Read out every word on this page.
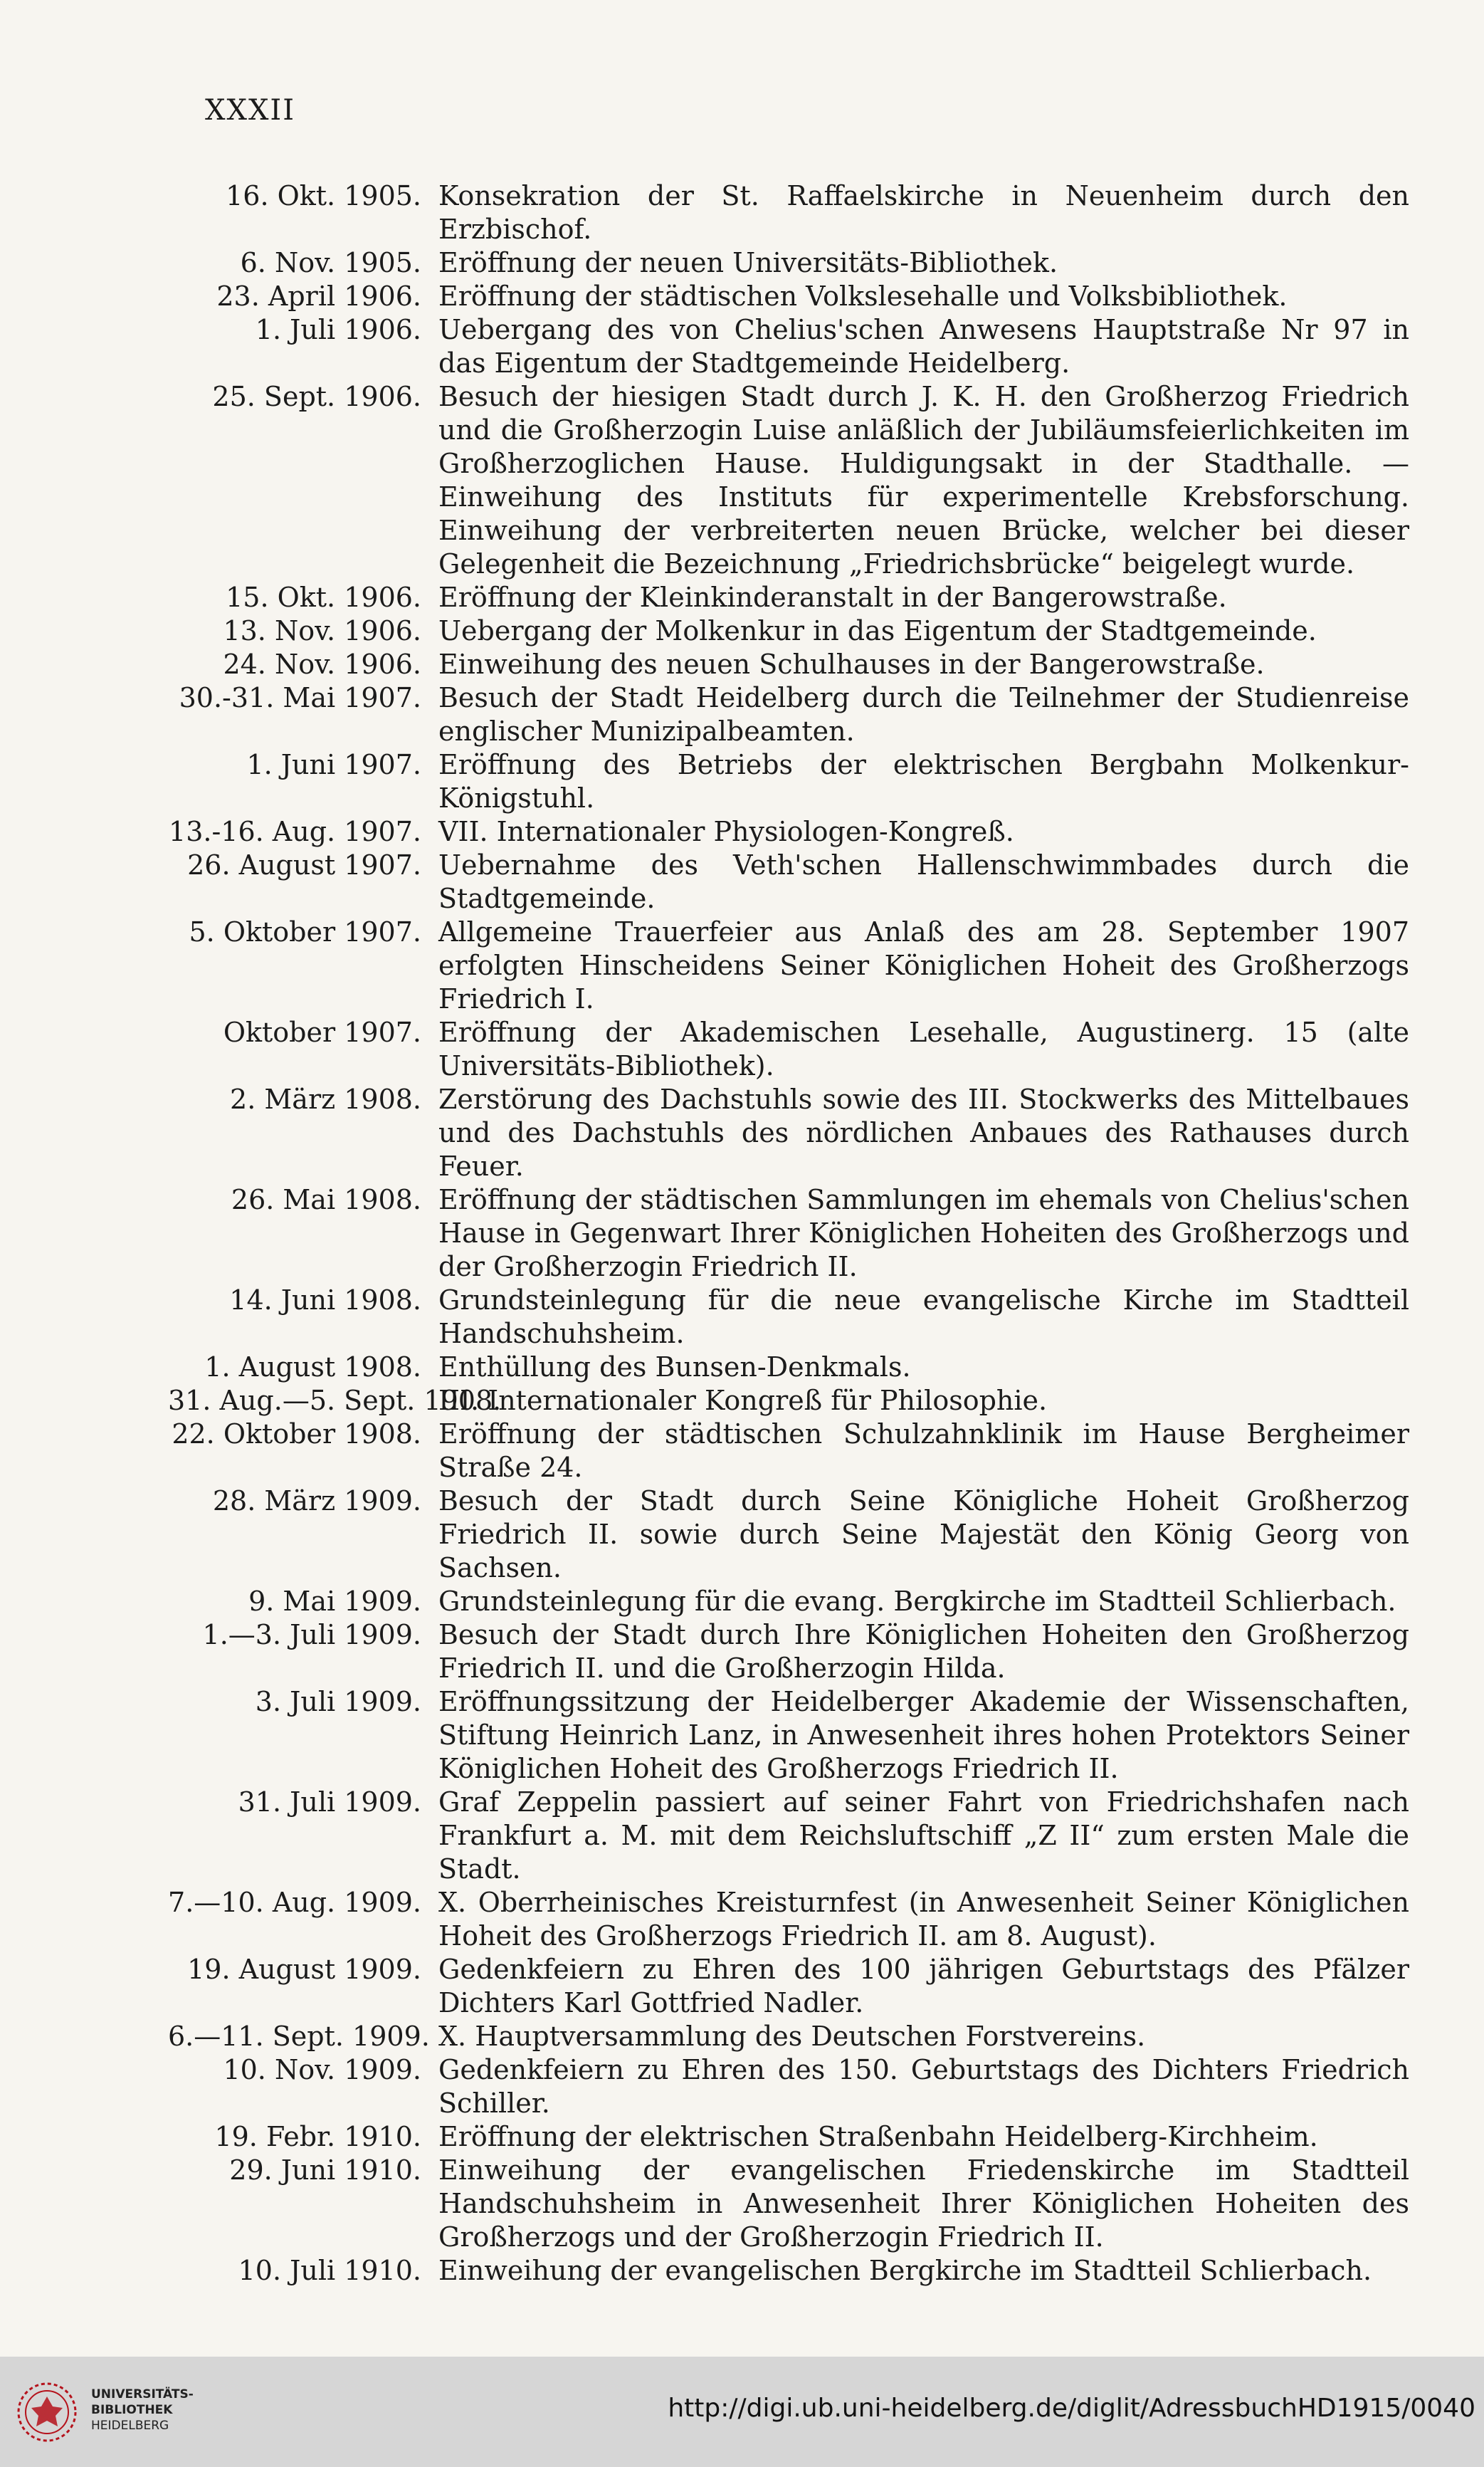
XXXII
16. Okt. 1905. Konsekration der St. Raffaelskirche in Neuenheim durch den Erzbischof.
6. Nov. 1905. Eröffnung der neuen Universitäts-Bibliothek.
23. April 1906. Eröffnung der städtischen Volkslesehalle und Volksbibliothek.
1. Juli 1906. Uebergang des von Chelius'schen Anwesens Hauptstraße Nr 97 in das Eigentum der Stadtgemeinde Heidelberg.
25. Sept. 1906. Besuch der hiesigen Stadt durch J. K. H. den Großherzog Friedrich und die Großherzogin Luise anläßlich der Jubiläumsfeierlichkeiten im Großherzoglichen Hause. Huldigungsakt in der Stadthalle. — Einweihung des Instituts für experimentelle Krebsforschung. Einweihung der verbreiterten neuen Brücke, welcher bei dieser Gelegenheit die Bezeichnung „Friedrichsbrücke“ beigelegt wurde.
15. Okt. 1906. Eröffnung der Kleinkinderanstalt in der Bangerowstraße.
13. Nov. 1906. Uebergang der Molkenkur in das Eigentum der Stadtgemeinde.
24. Nov. 1906. Einweihung des neuen Schulhauses in der Bangerowstraße.
30.-31. Mai 1907. Besuch der Stadt Heidelberg durch die Teilnehmer der Studienreise englischer Munizipalbeamten.
1. Juni 1907. Eröffnung des Betriebs der elektrischen Bergbahn Molkenkur-Königstuhl.
13.-16. Aug. 1907. VII. Internationaler Physiologen-Kongreß.
26. August 1907. Uebernahme des Veth'schen Hallenschwimmbades durch die Stadtgemeinde.
5. Oktober 1907. Allgemeine Trauerfeier aus Anlaß des am 28. September 1907 erfolgten Hinscheidens Seiner Königlichen Hoheit des Großherzogs Friedrich I.
Oktober 1907. Eröffnung der Akademischen Lesehalle, Augustinerg. 15 (alte Universitäts-Bibliothek).
2. März 1908. Zerstörung des Dachstuhls sowie des III. Stockwerks des Mittelbaues und des Dachstuhls des nördlichen Anbaues des Rathauses durch Feuer.
26. Mai 1908. Eröffnung der städtischen Sammlungen im ehemals von Chelius'schen Hause in Gegenwart Ihrer Königlichen Hoheiten des Großherzogs und der Großherzogin Friedrich II.
14. Juni 1908. Grundsteinlegung für die neue evangelische Kirche im Stadtteil Handschuhsheim.
1. August 1908. Enthüllung des Bunsen-Denkmals.
31. Aug.—5. Sept. 1908.
III. Internationaler Kongreß für Philosophie.
22. Oktober 1908. Eröffnung der städtischen Schulzahnklinik im Hause Bergheimer Straße 24.
28. März 1909. Besuch der Stadt durch Seine Königliche Hoheit Großherzog Friedrich II. sowie durch Seine Majestät den König Georg von Sachsen.
9. Mai 1909. Grundsteinlegung für die evang. Bergkirche im Stadtteil Schlierbach.
1.—3. Juli 1909. Besuch der Stadt durch Ihre Königlichen Hoheiten den Großherzog Friedrich II. und die Großherzogin Hilda.
3. Juli 1909. Eröffnungssitzung der Heidelberger Akademie der Wissenschaften, Stiftung Heinrich Lanz, in Anwesenheit ihres hohen Protektors Seiner Königlichen Hoheit des Großherzogs Friedrich II.
31. Juli 1909. Graf Zeppelin passiert auf seiner Fahrt von Friedrichshafen nach Frankfurt a. M. mit dem Reichsluftschiff „Z II“ zum ersten Male die Stadt.
7.—10. Aug. 1909. X. Oberrheinisches Kreisturnfest (in Anwesenheit Seiner Königlichen Hoheit des Großherzogs Friedrich II. am 8. August).
19. August 1909. Gedenkfeiern zu Ehren des 100 jährigen Geburtstags des Pfälzer Dichters Karl Gottfried Nadler.
6.—11. Sept. 1909. X. Hauptversammlung des Deutschen Forstvereins.
10. Nov. 1909. Gedenkfeiern zu Ehren des 150. Geburtstags des Dichters Friedrich Schiller.
19. Febr. 1910. Eröffnung der elektrischen Straßenbahn Heidelberg-Kirchheim.
29. Juni 1910. Einweihung der evangelischen Friedenskirche im Stadtteil Handschuhsheim in Anwesenheit Ihrer Königlichen Hoheiten des Großherzogs und der Großherzogin Friedrich II.
10. Juli 1910. Einweihung der evangelischen Bergkirche im Stadtteil Schlierbach.
UNIVERSITÄTS-
BIBLIOTHEK
HEIDELBERG
http://digi.ub.uni-heidelberg.de/diglit/AdressbuchHD1915/0040
